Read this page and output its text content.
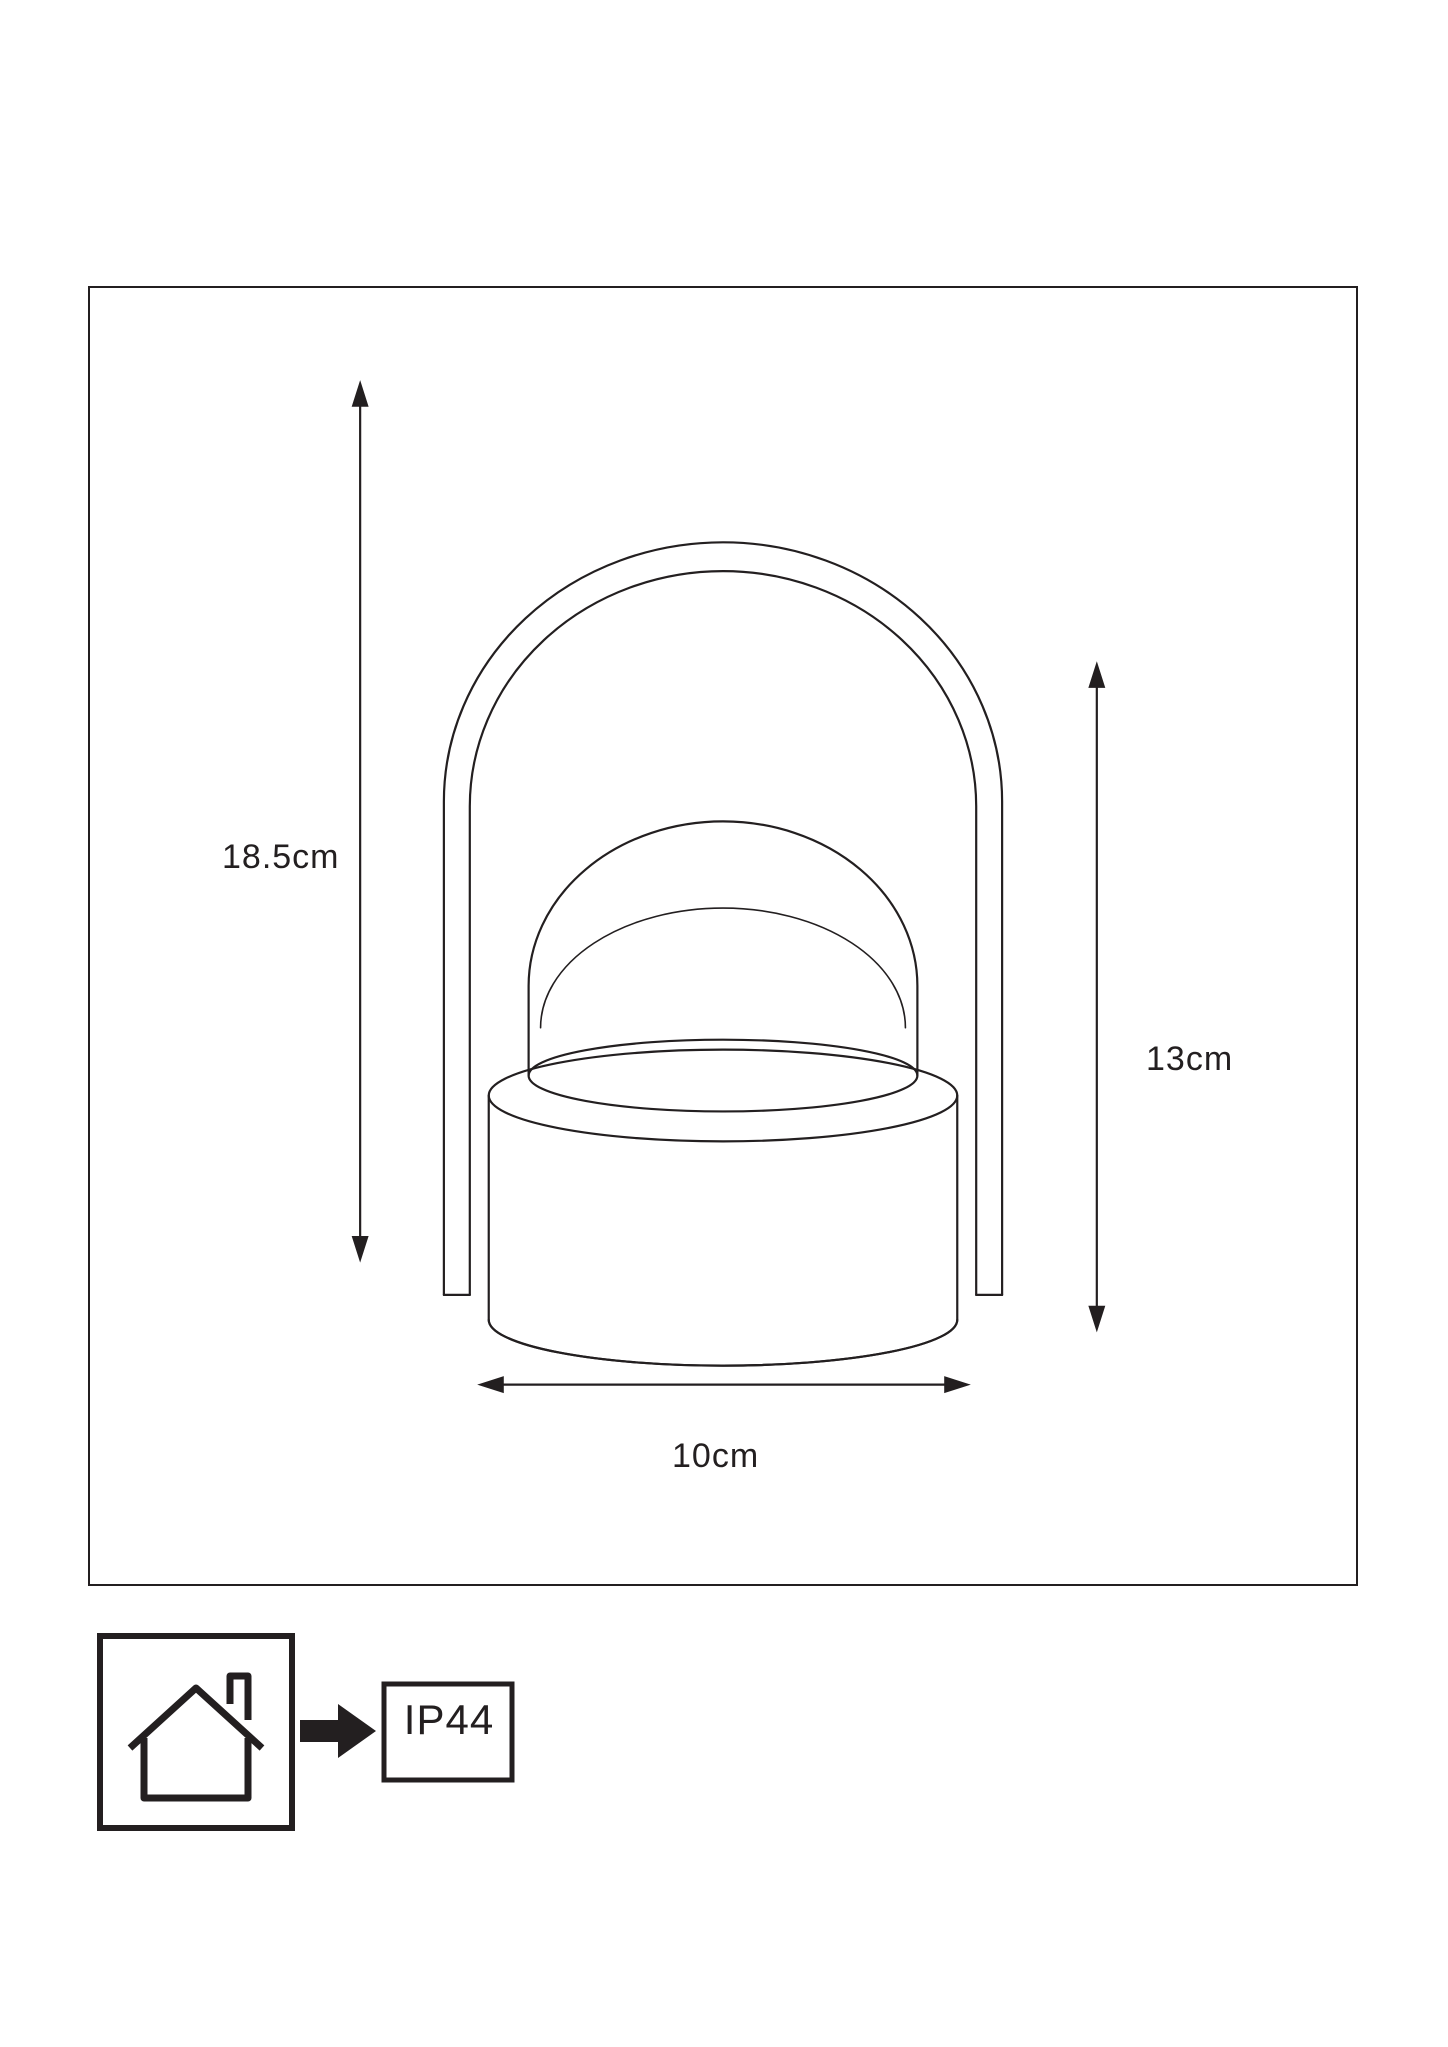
18.5cm
13cm
10cm
IP44
